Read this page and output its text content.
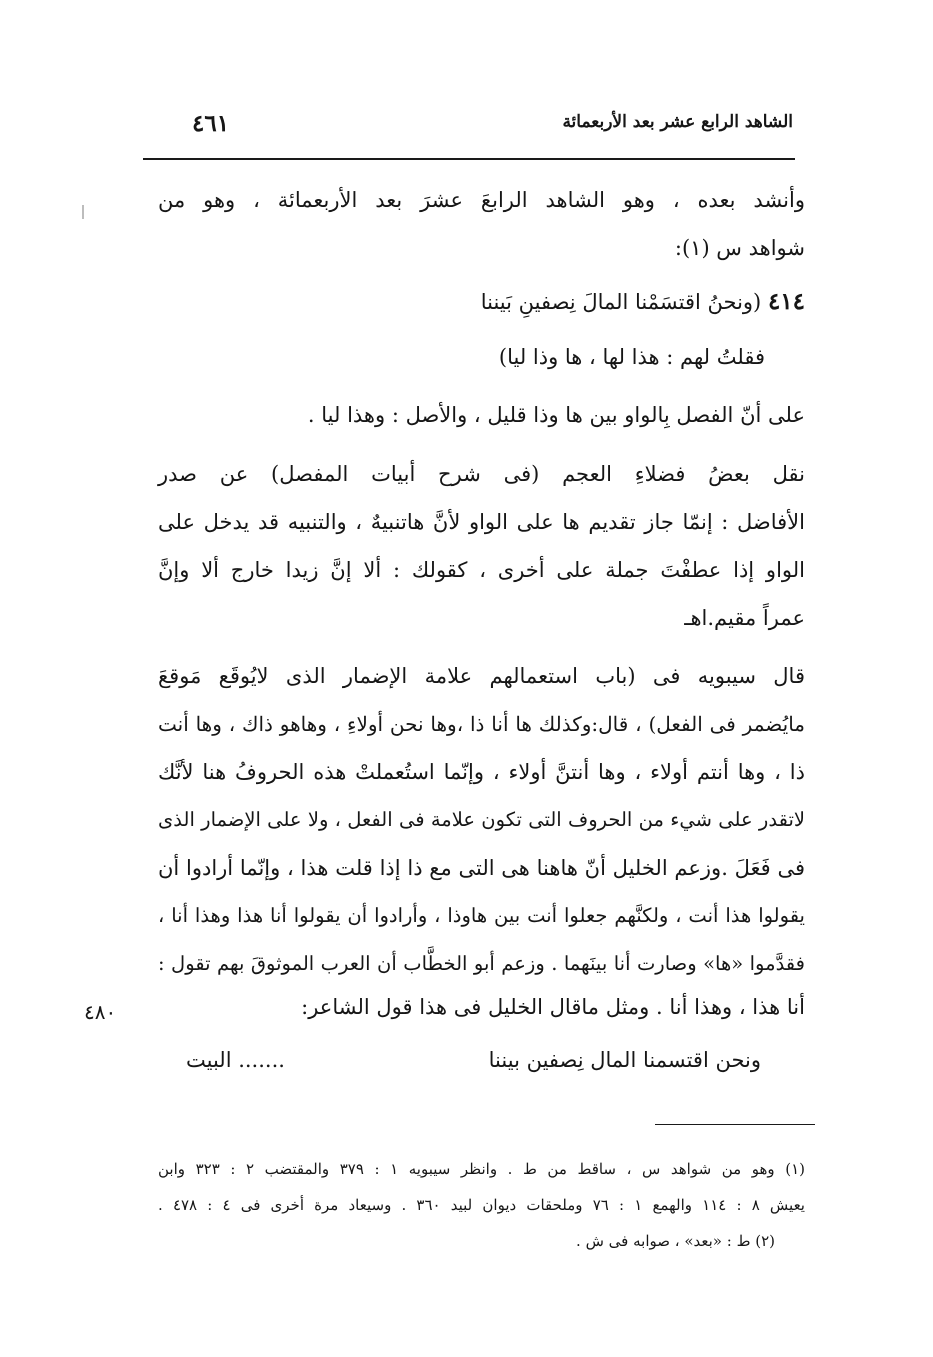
الشاهد الرابع عشر بعد الأربعمائة
٤٦١
وأنشد بعده ، وهو الشاهد الرابعَ عشرَ بعد الأربعمائة ، وهو من
شواهد س (١):
٤١٤ (ونحنُ اقتسَمْنا المالَ نِصفينِ بَيننا
فقلتُ لهم : هذا لها ، ها وذا ليا)
على أنّ الفصل بِالواو بين ها وذا قليل ، والأصل : وهذا ليا .
نقل بعضُ فضلاءِ العجم (فى شرح أبيات المفصل) عن صدر
الأفاضل : إنمّا جاز تقديم ها على الواو لأنَّ هاتنبيهٌ ، والتنبيه قد يدخل على
الواو إذا عطفْتَ جملة على أخرى ، كقولك : ألا إنَّ زيدا خارج ألا وإنَّ
عمراً مقيم.اهـ
قال سيبويه فى (باب استعمالهم علامة الإضمار الذى لايُوقَع مَوقعَ
مايُضمر فى الفعل) ، قال:وكذلك ها أنا ذا ،وها نحن أولاءِ ، وهاهو ذاك ، وها أنت
ذا ، وها أنتم أولاء ، وها أنتنَّ أولاء ، وإنّما استُعملتْ هذه الحروفُ هنا لأنَّك
لاتقدر على شيء من الحروف التى تكون علامة فى الفعل ، ولا على الإضمار الذى
فى فَعَلَ .وزعم الخليل أنّ هاهنا هى التى مع ذا إذا قلت هذا ، وإنّما أرادوا أن
يقولوا هذا أنت ، ولكنَّهم جعلوا أنت بين هاوذا ، وأرادوا أن يقولوا أنا هذا وهذا أنا ،
فقدَّموا «ها» وصارت أنا بينَهما . وزعم أبو الخطَّاب أن العرب الموثوقَ بهم تقول :
أنا هذا ، وهذا أنا . ومثل ماقال الخليل فى هذا قول الشاعر:
٤٨٠
ونحن اقتسمنا المال نِصفين بيننا
....... البيت
(١) وهو من شواهد س ، ساقط من ط . وانظر سيبويه ١ : ٣٧٩ والمقتضب ٢ : ٣٢٣ وابن
يعيش ٨ : ١١٤ والهمع ١ : ٧٦ وملحقات ديوان لبيد ٣٦٠ . وسيعاد مرة أخرى فى ٤ : ٤٧٨ .
(٢) ط : «بعد» ، صوابه فى ش .
